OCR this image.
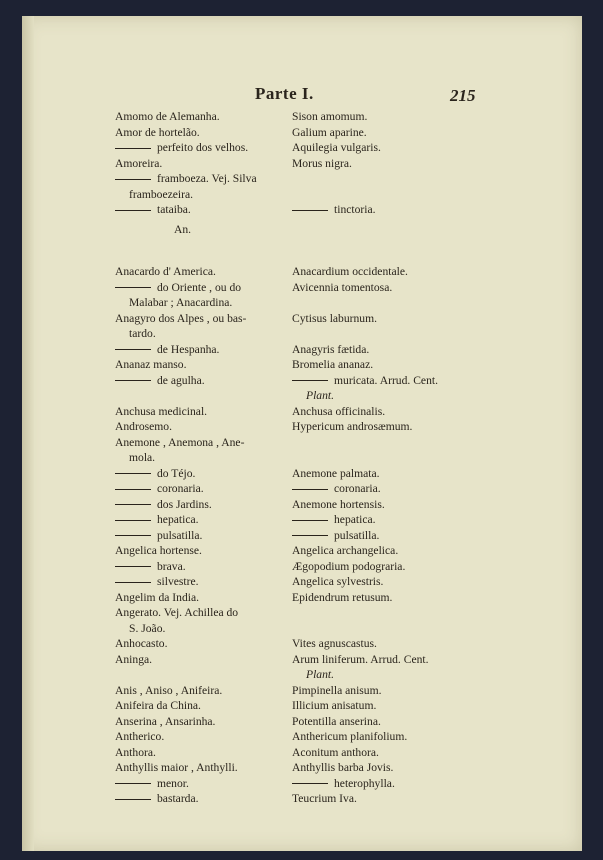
Parte I.	215
Amomo de Alemanha.
Amor de hortelão.
perfeito dos velhos.
Amoreira.
framboeza. Vej. Silva
framboezeira.
tataiba.
Anacardo d' America.
do Oriente , ou do
Malabar ; Anacardina.
Anagyro dos Alpes , ou bas-
tardo.
de Hespanha.
Ananaz manso.
de agulha.
Anchusa medicinal.
Androsemo.
Anemone , Anemona , Ane-
mola.
do Téjo.
coronaria.
dos Jardins.
hepatica.
pulsatilla.
Angelica hortense.
brava.
silvestre.
Angelim da India.
Angerato. Vej. Achillea do
S. João.
Anhocasto.
Aninga.
Anis , Aniso , Anifeira.
Anifeira da China.
Anserina , Ansarinha.
Antherico.
Anthora.
Anthyllis maior , Anthylli.
menor.
bastarda.
Sison amomum.
Galium aparine.
Aquilegia vulgaris.
Morus nigra.
tinctoria.
Anacardium occidentale.
Avicennia tomentosa.
Cytisus laburnum.
Anagyris fætida.
Bromelia ananaz.
muricata. Arrud. Cent.
Plant.
Anchusa officinalis.
Hypericum androsæmum.
Anemone palmata.
coronaria.
Anemone hortensis.
hepatica.
pulsatilla.
Angelica archangelica.
Ægopodium podograria.
Angelica sylvestris.
Epidendrum retusum.
Vites agnuscastus.
Arum liniferum. Arrud. Cent.
Plant.
Pimpinella anisum.
Illicium anisatum.
Potentilla anserina.
Anthericum planifolium.
Aconitum anthora.
Anthyllis barba Jovis.
heterophylla.
Teucrium Iva.
An.
